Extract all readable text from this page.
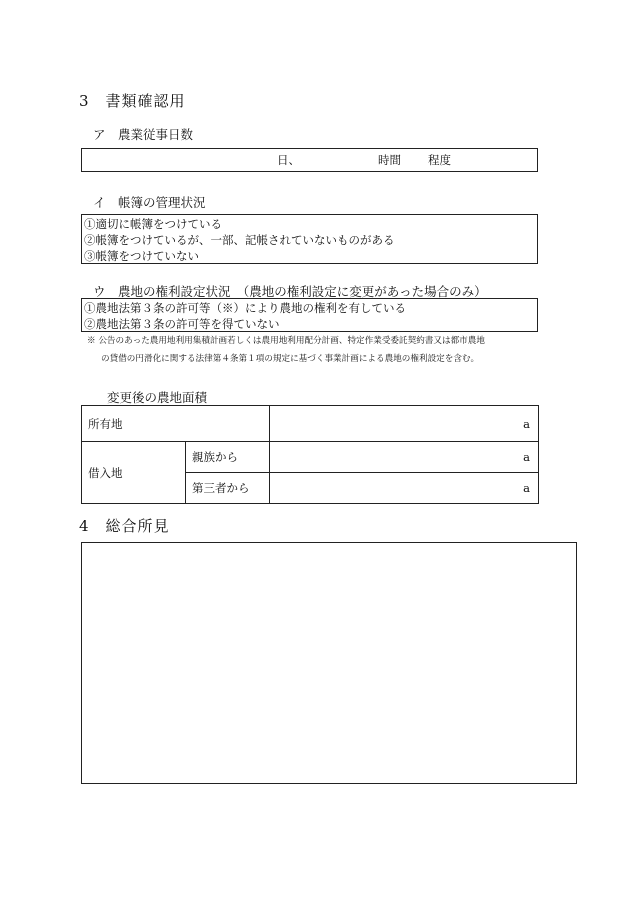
3　書類確認用
ア　農業従事日数
日、	時間 程度
イ　帳簿の管理状況
①適切に帳簿をつけている
②帳簿をつけているが、一部、記帳されていないものがある
③帳簿をつけていない
ウ　農地の権利設定状況　（農地の権利設定に変更があった場合のみ）
①農地法第３条の許可等（※）により農地の権利を有している
②農地法第３条の許可等を得ていない
※ 公告のあった農用地利用集積計画若しくは農用地利用配分計画、特定作業受委託契約書又は都市農地
の貸借の円滑化に関する法律第４条第１項の規定に基づく事業計画による農地の権利設定を含む。
変更後の農地面積
所有地		a
借入地	親族から	a
	第三者から	a
4　総合所見
